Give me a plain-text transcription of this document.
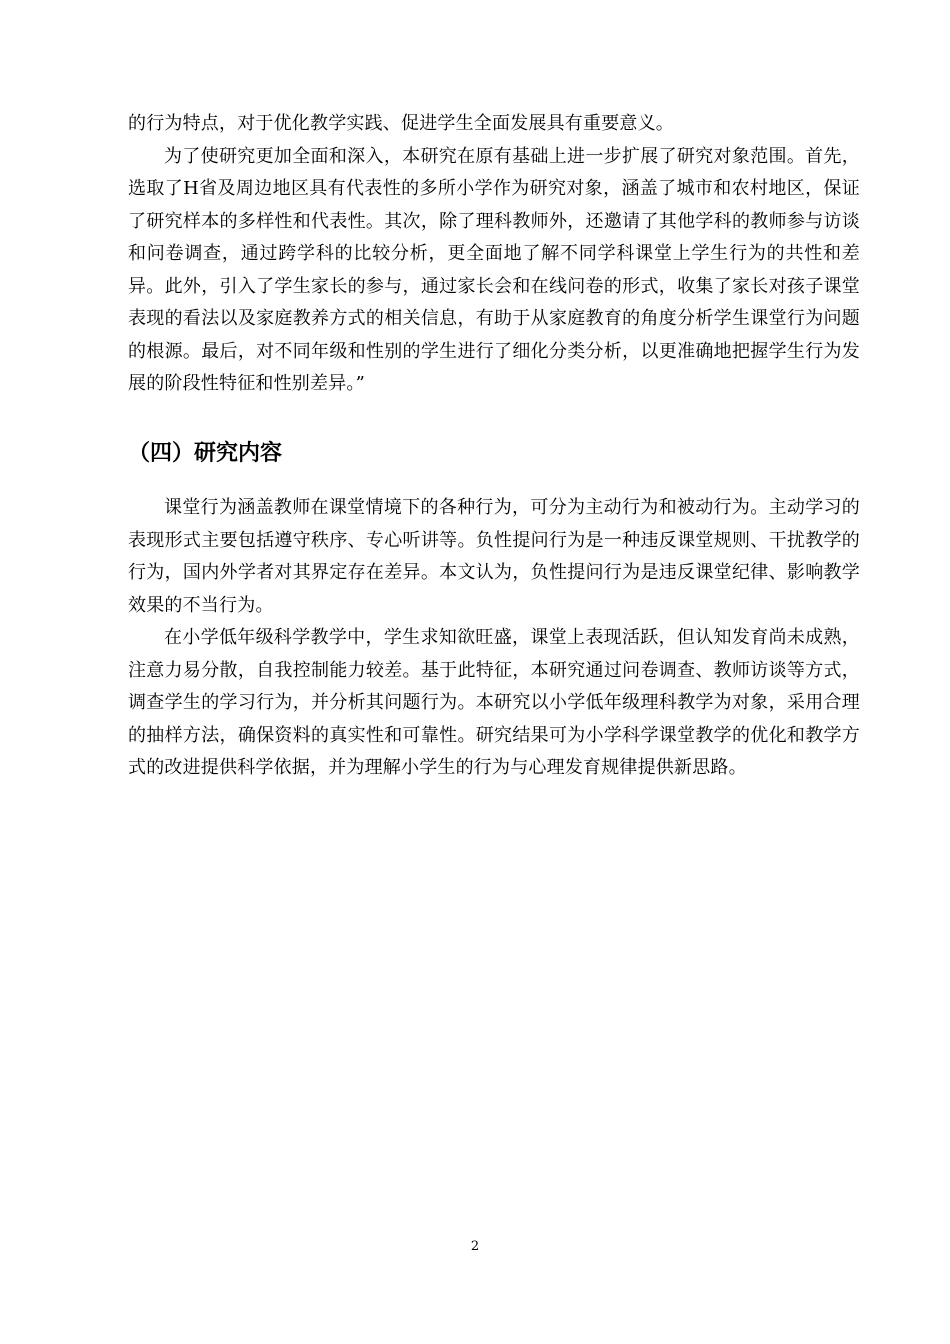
的行为特点，对于优化教学实践、促进学生全面发展具有重要意义。

为了使研究更加全面和深入，本研究在原有基础上进一步扩展了研究对象范围。首先，选取了H省及周边地区具有代表性的多所小学作为研究对象，涵盖了城市和农村地区，保证了研究样本的多样性和代表性。其次，除了理科教师外，还邀请了其他学科的教师参与访谈和问卷调查，通过跨学科的比较分析，更全面地了解不同学科课堂上学生行为的共性和差异。此外，引入了学生家长的参与，通过家长会和在线问卷的形式，收集了家长对孩子课堂表现的看法以及家庭教养方式的相关信息，有助于从家庭教育的角度分析学生课堂行为问题的根源。最后，对不同年级和性别的学生进行了细化分类分析，以更准确地把握学生行为发展的阶段性特征和性别差异。”

（四）研究内容

课堂行为涵盖教师在课堂情境下的各种行为，可分为主动行为和被动行为。主动学习的表现形式主要包括遵守秩序、专心听讲等。负性提问行为是一种违反课堂规则、干扰教学的行为，国内外学者对其界定存在差异。本文认为，负性提问行为是违反课堂纪律、影响教学效果的不当行为。

在小学低年级科学教学中，学生求知欲旺盛，课堂上表现活跃，但认知发育尚未成熟，注意力易分散，自我控制能力较差。基于此特征，本研究通过问卷调查、教师访谈等方式，调查学生的学习行为，并分析其问题行为。本研究以小学低年级理科教学为对象，采用合理的抽样方法，确保资料的真实性和可靠性。研究结果可为小学科学课堂教学的优化和教学方式的改进提供科学依据，并为理解小学生的行为与心理发育规律提供新思路。

2
